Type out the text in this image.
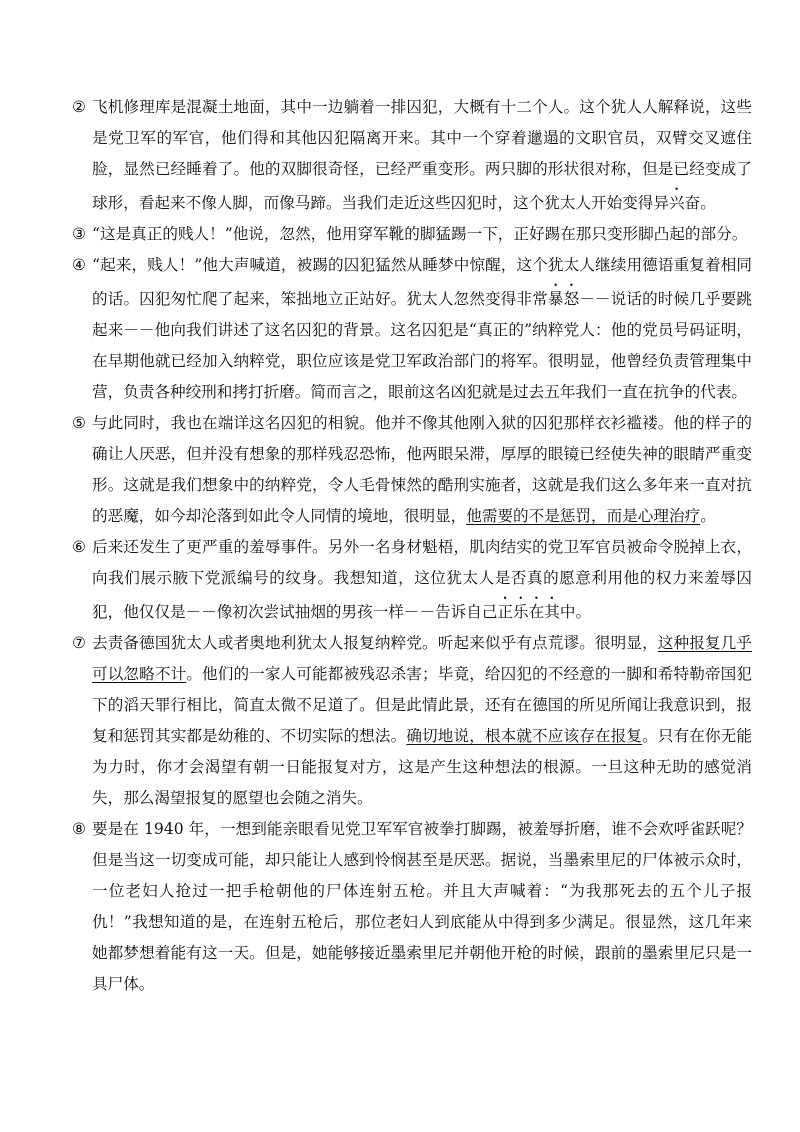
② 飞机修理库是混凝土地面，其中一边躺着一排囚犯，大概有十二个人。这个犹人人解释说，这些是党卫军的军官，他们得和其他囚犯隔离开来。其中一个穿着邋遢的文职官员，双臂交叉遮住脸，显然已经睡着了。他的双脚很奇怪，已经严重变形。两只脚的形状很对称，但是已经变成了球形，看起来不像人脚，而像马蹄。当我们走近这些囚犯时，这个犹太人开始变得异兴奋。
③ “这是真正的贱人！”他说，忽然，他用穿军靴的脚猛踢一下，正好踢在那只变形脚凸起的部分。
④ “起来，贱人！”他大声喊道，被踢的囚犯猛然从睡梦中惊醒，这个犹太人继续用德语重复着相同的话。囚犯匆忙爬了起来，笨拙地立正站好。犹太人忽然变得非常暴怒－－说话的时候几乎要跳起来－－他向我们讲述了这名囚犯的背景。这名囚犯是“真正的”纳粹党人：他的党员号码证明，在早期他就已经加入纳粹党，职位应该是党卫军政治部门的将军。很明显，他曾经负责管理集中营，负责各种绞刑和拷打折磨。简而言之，眼前这名凶犯就是过去五年我们一直在抗争的代表。
⑤ 与此同时，我也在端详这名囚犯的相貌。他并不像其他刚入狱的囚犯那样衣衫褴褛。他的样子的确让人厌恶，但并没有想象的那样残忍恐怖，他两眼呆滞，厚厚的眼镜已经使失神的眼睛严重变形。这就是我们想象中的纳粹党，令人毛骨悚然的酷刑实施者，这就是我们这么多年来一直对抗的恶魔，如今却沦落到如此令人同情的境地，很明显，他需要的不是惩罚，而是心理治疗。
⑥ 后来还发生了更严重的羞辱事件。另外一名身材魁梧，肌肉结实的党卫军官员被命令脱掉上衣，向我们展示腋下党派编号的纹身。我想知道，这位犹太人是否真的愿意利用他的权力来羞辱囚犯，他仅仅是－－像初次尝试抽烟的男孩一样－－告诉自己正乐在其中。
⑦ 去责备德国犹太人或者奥地利犹太人报复纳粹党。听起来似乎有点荒谬。很明显，这种报复几乎可以忽略不计。他们的一家人可能都被残忍杀害；毕竟，给囚犯的不经意的一脚和希特勒帝国犯下的滔天罪行相比，简直太微不足道了。但是此情此景，还有在德国的所见所闻让我意识到，报复和惩罚其实都是幼稚的、不切实际的想法。确切地说，根本就不应该存在报复。只有在你无能为力时，你才会渴望有朝一日能报复对方，这是产生这种想法的根源。一旦这种无助的感觉消失，那么渴望报复的愿望也会随之消失。
⑧ 要是在 1940 年，一想到能亲眼看见党卫军军官被拳打脚踢，被羞辱折磨，谁不会欢呼雀跃呢？但是当这一切变成可能，却只能让人感到怜悯甚至是厌恶。据说，当墨索里尼的尸体被示众时，一位老妇人抢过一把手枪朝他的尸体连射五枪。并且大声喊着：“为我那死去的五个儿子报仇！”我想知道的是，在连射五枪后，那位老妇人到底能从中得到多少满足。很显然，这几年来她都梦想着能有这一天。但是，她能够接近墨索里尼并朝他开枪的时候，跟前的墨索里尼只是一具尸体。
